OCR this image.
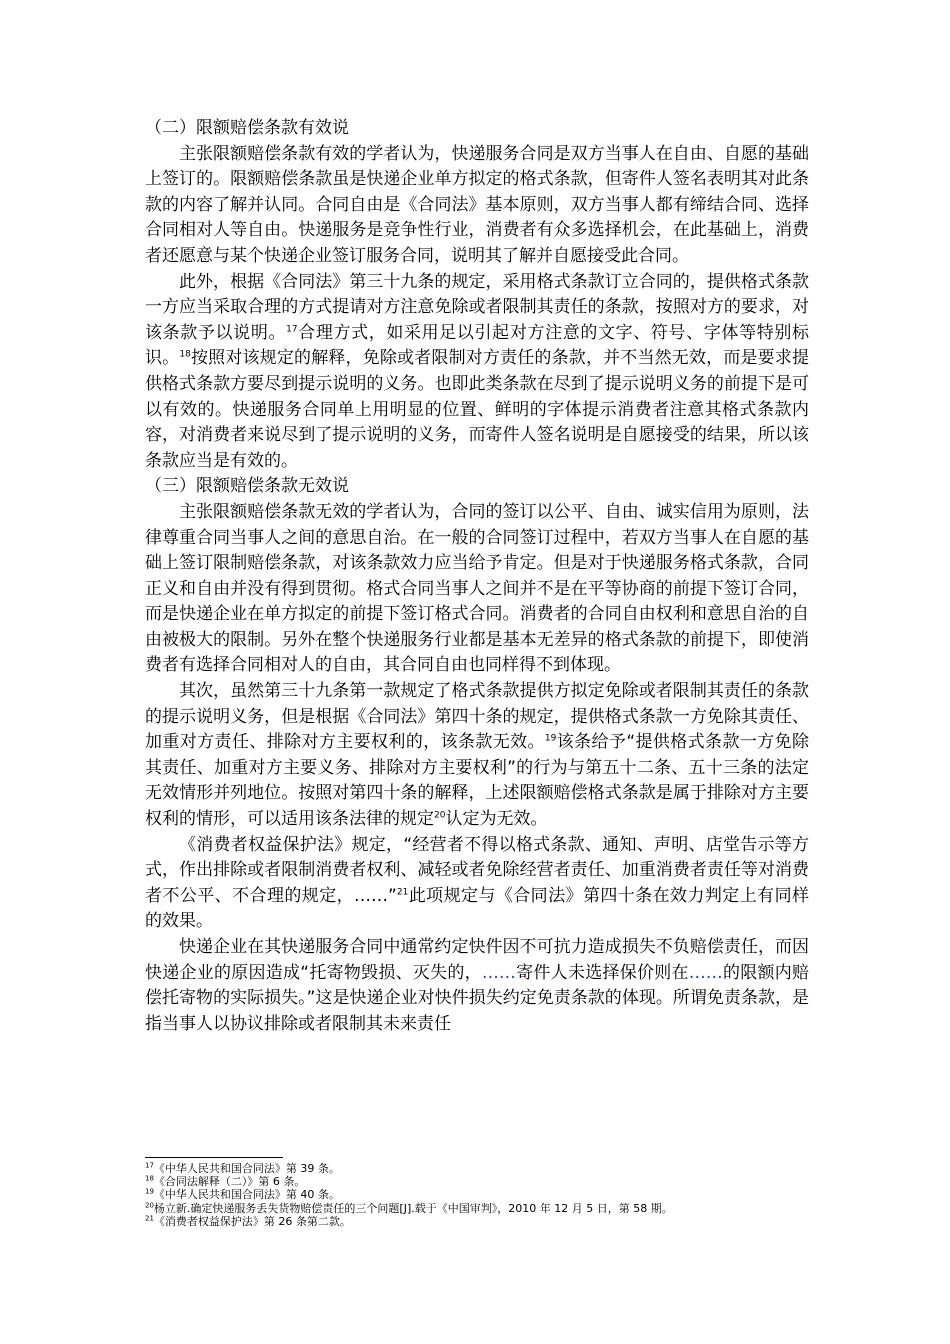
（二）限额赔偿条款有效说

主张限额赔偿条款有效的学者认为，快递服务合同是双方当事人在自由、自愿的基础上签订的。限额赔偿条款虽是快递企业单方拟定的格式条款，但寄件人签名表明其对此条款的内容了解并认同。合同自由是《合同法》基本原则，双方当事人都有缔结合同、选择合同相对人等自由。快递服务是竞争性行业，消费者有众多选择机会，在此基础上，消费者还愿意与某个快递企业签订服务合同，说明其了解并自愿接受此合同。

此外，根据《合同法》第三十九条的规定，采用格式条款订立合同的，提供格式条款一方应当采取合理的方式提请对方注意免除或者限制其责任的条款，按照对方的要求，对该条款予以说明。$^{17}$合理方式，如采用足以引起对方注意的文字、符号、字体等特别标识。$^{18}$按照对该规定的解释，免除或者限制对方责任的条款，并不当然无效，而是要求提供格式条款方要尽到提示说明的义务。也即此类条款在尽到了提示说明义务的前提下是可以有效的。快递服务合同单上用明显的位置、鲜明的字体提示消费者注意其格式条款内容，对消费者来说尽到了提示说明的义务，而寄件人签名说明是自愿接受的结果，所以该条款应当是有效的。

（三）限额赔偿条款无效说

主张限额赔偿条款无效的学者认为，合同的签订以公平、自由、诚实信用为原则，法律尊重合同当事人之间的意思自治。在一般的合同签订过程中，若双方当事人在自愿的基础上签订限制赔偿条款，对该条款效力应当给予肯定。但是对于快递服务格式条款，合同正义和自由并没有得到贯彻。格式合同当事人之间并不是在平等协商的前提下签订合同，而是快递企业在单方拟定的前提下签订格式合同。消费者的合同自由权利和意思自治的自由被极大的限制。另外在整个快递服务行业都是基本无差异的格式条款的前提下，即使消费者有选择合同相对人的自由，其合同自由也同样得不到体现。

其次，虽然第三十九条第一款规定了格式条款提供方拟定免除或者限制其责任的条款的提示说明义务，但是根据《合同法》第四十条的规定，提供格式条款一方免除其责任、加重对方责任、排除对方主要权利的，该条款无效。$^{19}$该条给予“提供格式条款一方免除其责任、加重对方主要义务、排除对方主要权利”的行为与第五十二条、五十三条的法定无效情形并列地位。按照对第四十条的解释，上述限额赔偿格式条款是属于排除对方主要权利的情形，可以适用该条法律的规定$^{20}$认定为无效。

《消费者权益保护法》规定，“经营者不得以格式条款、通知、声明、店堂告示等方式，作出排除或者限制消费者权利、减轻或者免除经营者责任、加重消费者责任等对消费者不公平、不合理的规定，……”$^{21}$此项规定与《合同法》第四十条在效力判定上有同样的效果。

快递企业在其快递服务合同中通常约定快件因不可抗力造成损失不负赔偿责任，而因快递企业的原因造成“托寄物毁损、灭失的，……寄件人未选择保价则在……的限额内赔偿托寄物的实际损失。”这是快递企业对快件损失约定免责条款的体现。所谓免责条款，是指当事人以协议排除或者限制其未来责任

$^{17}$《中华人民共和国合同法》第 39 条。

$^{18}$《合同法解释（二）》第 6 条。

$^{19}$《中华人民共和国合同法》第 40 条。

$^{20}$杨立新.确定快递服务丢失货物赔偿责任的三个问题[J].载于《中国审判》，2010 年 12 月 5 日，第 58 期。

$^{21}$《消费者权益保护法》第 26 条第二款。
